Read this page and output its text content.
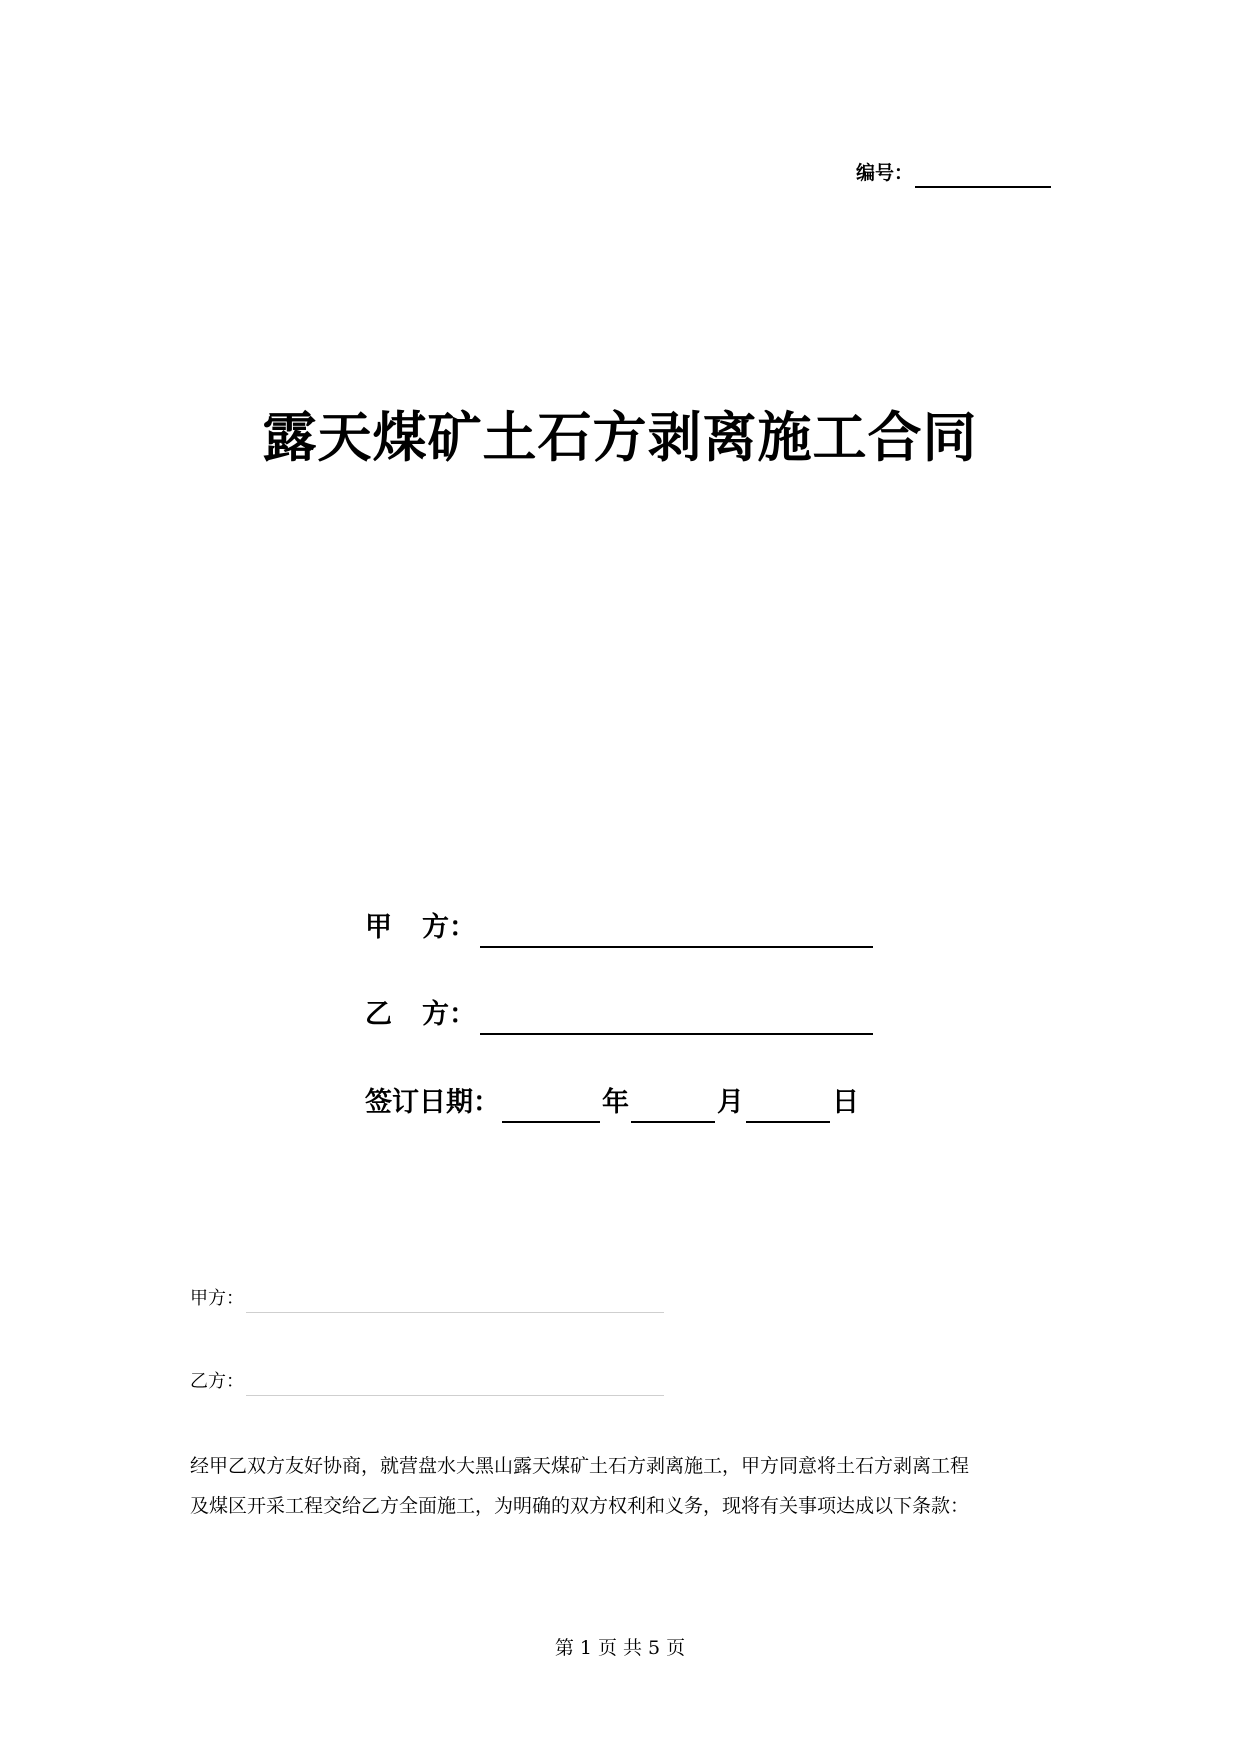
编号：
露天煤矿土石方剥离施工合同
甲 方：
乙 方：
签订日期：	年	月	日
甲方：
乙方：

经甲乙双方友好协商，就营盘水大黑山露天煤矿土石方剥离施工，甲方同意将土石方剥离工程

及煤区开采工程交给乙方全面施工，为明确的双方权利和义务，现将有关事项达成以下条款：

第 1 页 共 5 页
